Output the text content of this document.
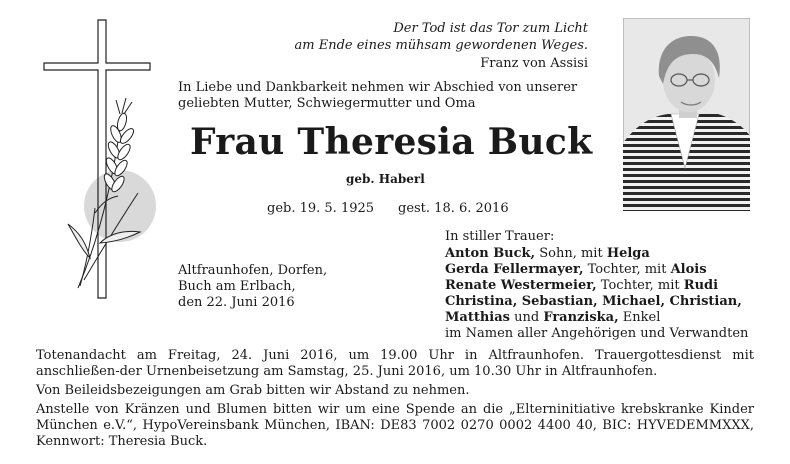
Der Tod ist das Tor zum Licht
am Ende eines mühsam gewordenen Weges.
Franz von Assisi
In Liebe und Dankbarkeit nehmen wir Abschied von unserer
geliebten Mutter, Schwiegermutter und Oma
Frau Theresia Buck
geb. Haberl
geb. 19. 5. 1925 gest. 18. 6. 2016
Altfraunhofen, Dorfen,
Buch am Erlbach,
den 22. Juni 2016
In stiller Trauer:
Anton Buck, Sohn, mit Helga
Gerda Fellermayer, Tochter, mit Alois
Renate Westermeier, Tochter, mit Rudi
Christina, Sebastian, Michael, Christian,
Matthias und Franziska, Enkel
im Namen aller Angehörigen und Verwandten
Totenandacht am Freitag, 24. Juni 2016, um 19.00 Uhr in Altfraunhofen. Trauergottesdienst mit anschließen-der Urnenbeisetzung am Samstag, 25. Juni 2016, um 10.30 Uhr in Altfraunhofen.
Von Beileidsbezeigungen am Grab bitten wir Abstand zu nehmen.
Anstelle von Kränzen und Blumen bitten wir um eine Spende an die „Elterninitiative krebskranke Kinder München e.V.“, HypoVereinsbank München, IBAN: DE83 7002 0270 0002 4400 40, BIC: HYVEDEMMXXX, Kennwort: Theresia Buck.
